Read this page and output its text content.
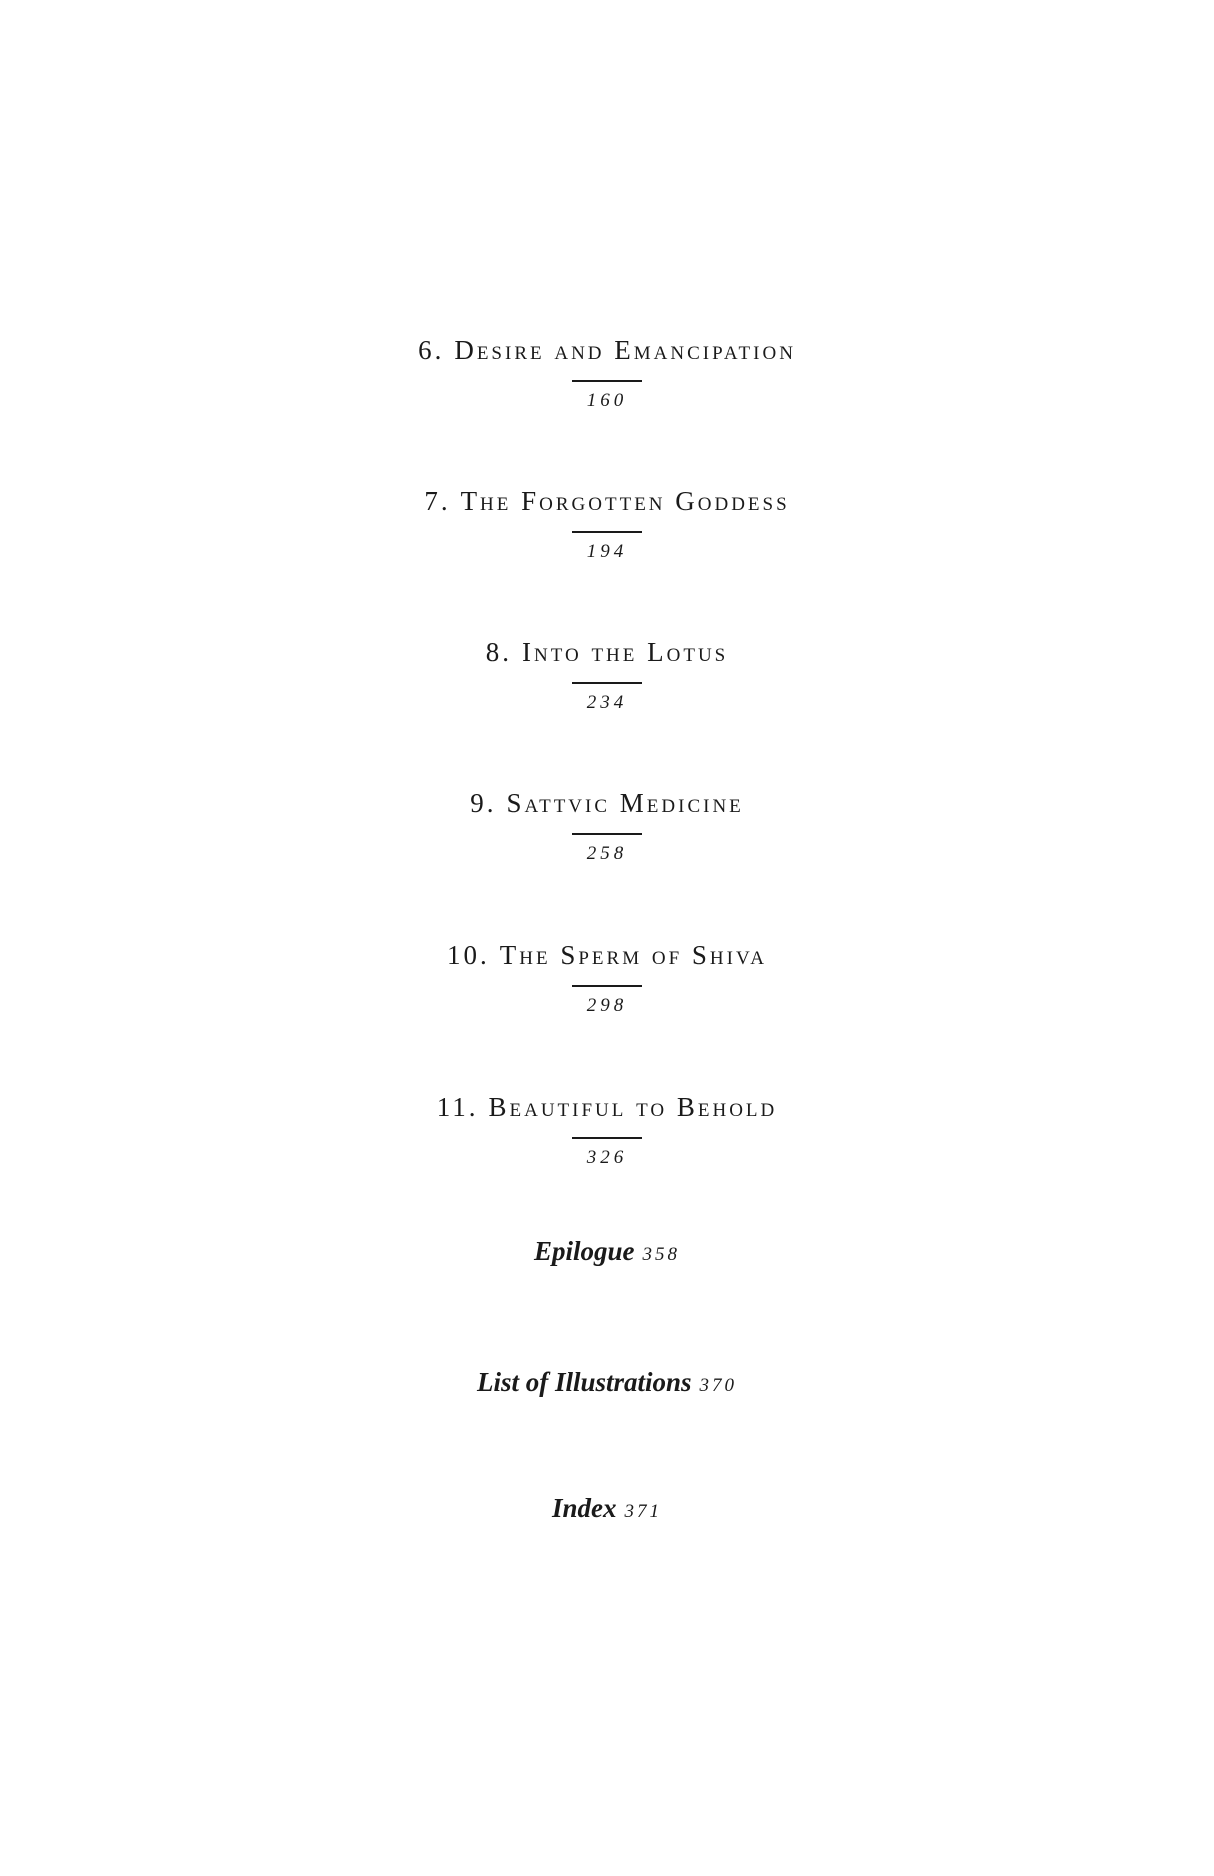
6. Desire and Emancipation
160
7. The Forgotten Goddess
194
8. Into the Lotus
234
9. Sattvic Medicine
258
10. The Sperm of Shiva
298
11. Beautiful to Behold
326
Epilogue 358
List of Illustrations 370
Index 371
